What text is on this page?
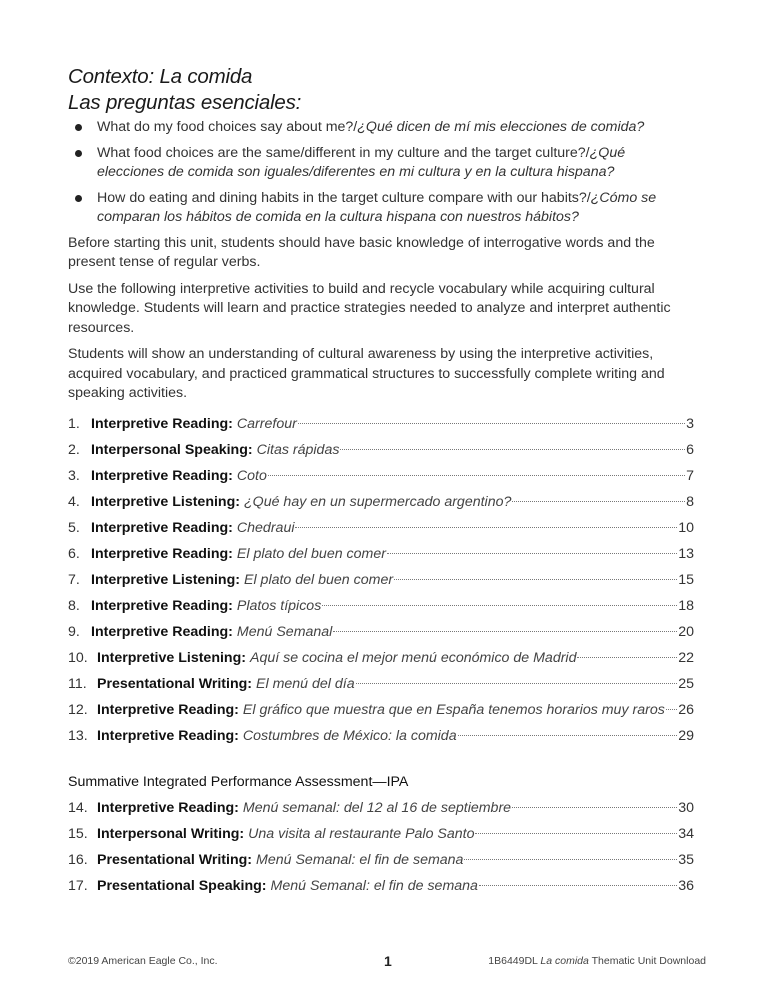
Contexto: La comida
Las preguntas esenciales:
What do my food choices say about me?/¿Qué dicen de mí mis elecciones de comida?
What food choices are the same/different in my culture and the target culture?/¿Qué elecciones de comida son iguales/diferentes en mi cultura y en la cultura hispana?
How do eating and dining habits in the target culture compare with our habits?/¿Cómo se comparan los hábitos de comida en la cultura hispana con nuestros hábitos?

Before starting this unit, students should have basic knowledge of interrogative words and the present tense of regular verbs.

Use the following interpretive activities to build and recycle vocabulary while acquiring cultural knowledge. Students will learn and practice strategies needed to analyze and interpret authentic resources.

Students will show an understanding of cultural awareness by using the interpretive activities, acquired vocabulary, and practiced grammatical structures to successfully complete writing and speaking activities.

1. Interpretive Reading: Carrefour	3
2. Interpersonal Speaking: Citas rápidas	6
3. Interpretive Reading: Coto	7
4. Interpretive Listening: ¿Qué hay en un supermercado argentino?	8
5. Interpretive Reading: Chedraui	10
6. Interpretive Reading: El plato del buen comer	13
7. Interpretive Listening: El plato del buen comer	15
8. Interpretive Reading: Platos típicos	18
9. Interpretive Reading: Menú Semanal	20
10. Interpretive Listening: Aquí se cocina el mejor menú económico de Madrid	22
11. Presentational Writing: El menú del día	25
12. Interpretive Reading: El gráfico que muestra que en España tenemos horarios muy raros 26
13. Interpretive Reading: Costumbres de México: la comida	29
Summative Integrated Performance Assessment—IPA
14. Interpretive Reading: Menú semanal: del 12 al 16 de septiembre	30
15. Interpersonal Writing: Una visita al restaurante Palo Santo	34
16. Presentational Writing: Menú Semanal: el fin de semana	35
17. Presentational Speaking: Menú Semanal: el fin de semana	36
©2019 American Eagle Co., Inc.	1	1B6449DL La comida Thematic Unit Download
